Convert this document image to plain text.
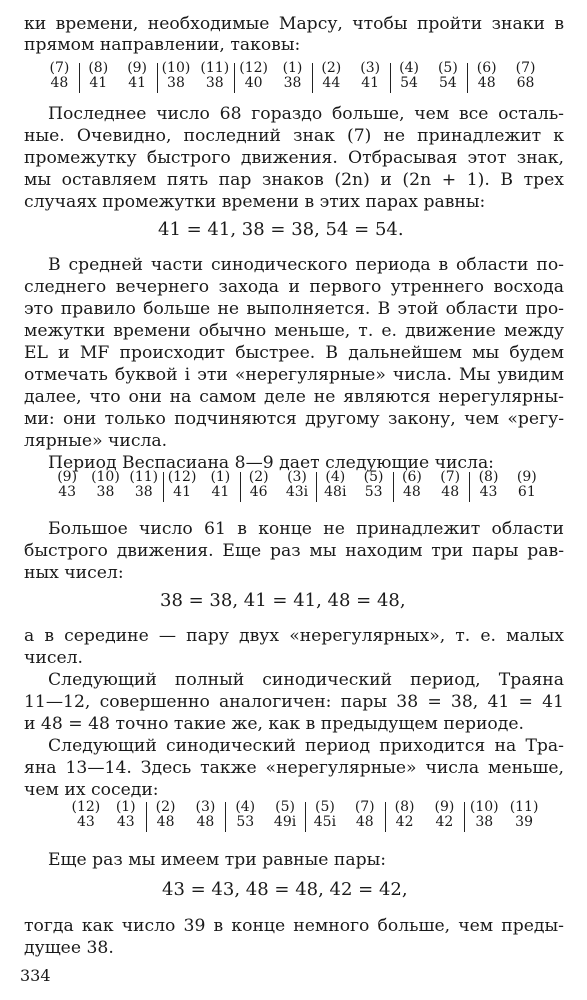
ки времени, необходимые Марсу, чтобы пройти знаки в
прямом направлении, таковы:
(7)
48
(8)
41
(9)
41
(10)
38
(11)
38
(12)
40
(1)
38
(2)
44
(3)
41
(4)
54
(5)
54
(6)
48
(7)
68
Последнее число 68 гораздо больше, чем все осталь-
ные. Очевидно, последний знак (7) не принадлежит к
промежутку быстрого движения. Отбрасывая этот знак,
мы оставляем пять пар знаков (2n) и (2n + 1). В трех
случаях промежутки времени в этих парах равны:
41 = 41, 38 = 38, 54 = 54.
В средней части синодического периода в области по-
следнего вечернего захода и первого утреннего восхода
это правило больше не выполняется. В этой области про-
межутки времени обычно меньше, т. е. движение между
EL и MF происходит быстрее. В дальнейшем мы будем
отмечать буквой i эти «нерегулярные» числа. Мы увидим
далее, что они на самом деле не являются нерегулярны-
ми: они только подчиняются другому закону, чем «регу-
лярные» числа.
Период Веспасиана 8—9 дает следующие числа:
(9)
43
(10)
38
(11)
38
(12)
41
(1)
41
(2)
46
(3)
43i
(4)
48i
(5)
53
(6)
48
(7)
48
(8)
43
(9)
61
Большое число 61 в конце не принадлежит области
быстрого движения. Еще раз мы находим три пары рав-
ных чисел:
38 = 38, 41 = 41, 48 = 48,
а в середине — пару двух «нерегулярных», т. е. малых
чисел.
Следующий полный синодический период, Траяна
11—12, совершенно аналогичен: пары 38 = 38, 41 = 41
и 48 = 48 точно такие же, как в предыдущем периоде.
Следующий синодический период приходится на Тра-
яна 13—14. Здесь также «нерегулярные» числа меньше,
чем их соседи:
(12)
43
(1)
43
(2)
48
(3)
48
(4)
53
(5)
49i
(5)
45i
(7)
48
(8)
42
(9)
42
(10)
38
(11)
39
Еще раз мы имеем три равные пары:
43 = 43, 48 = 48, 42 = 42,
тогда как число 39 в конце немного больше, чем преды-
дущее 38.
334
